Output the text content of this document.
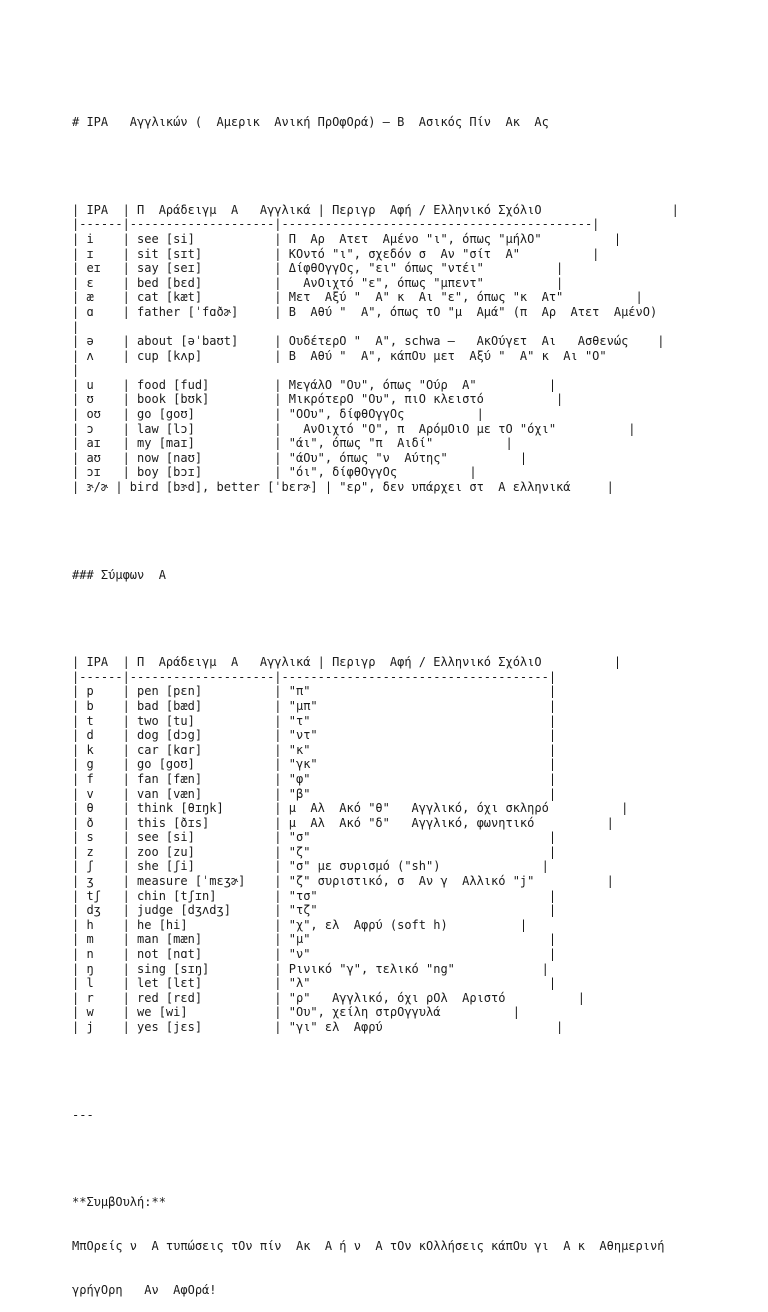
# IPA   Αγγλικών (  Αμερικ  Ανική ΠρΟφΟρά) – Β  Ασικός Πίν  Ακ  Ας

| IPA  | Π  Αράδειγμ  Α   Αγγλικά | Περιγρ  Αφή / Ελληνικό ΣχόλιΟ                  |
|------|--------------------|-------------------------------------------|
| i    | see [si]           | Π  Αρ  Ατετ  Αμένο "ι", όπως "μήλΟ"          |
| ɪ    | sit [sɪt]          | ΚΟντό "ι", σχεδόν σ  Αν "σίτ  Α"          |
| eɪ   | say [seɪ]          | ΔίφθΟγγΟς, "ει" όπως "ντέι"          |
| ɛ    | bed [bɛd]          |   ΑνΟιχτό "ε", όπως "μπεντ"          |
| æ    | cat [kæt]          | Μετ  Αξύ "  Α" κ  Αι "ε", όπως "κ  Ατ"          |
| ɑ    | father [ˈfɑðɚ]     | Β  Αθύ "  Α", όπως τΟ "μ  Αμά" (π  Αρ  Ατετ  ΑμένΟ)
|
| ə    | about [əˈbaʊt]     | ΟυδέτερΟ "  Α", schwa –   ΑκΟύγετ  Αι   Ασθενώς    |
| ʌ    | cup [kʌp]          | Β  Αθύ "  Α", κάπΟυ μετ  Αξύ "  Α" κ  Αι "Ο"
|
| u    | food [fud]         | ΜεγάλΟ "Ου", όπως "Ούρ  Α"          |
| ʊ    | book [bʊk]         | ΜικρότερΟ "Ου", πιΟ κλειστό          |
| oʊ   | go [goʊ]           | "ΟΟυ", δίφθΟγγΟς          |
| ɔ    | law [lɔ]           |   ΑνΟιχτό "Ο", π  ΑρόμΟιΟ με τΟ "όχι"          |
| aɪ   | my [maɪ]           | "άι", όπως "π  Αιδί"          |
| aʊ   | now [naʊ]          | "άΟυ", όπως "ν  Αύτης"          |
| ɔɪ   | boy [bɔɪ]          | "όι", δίφθΟγγΟς          |
| ɝ/ɚ | bird [bɝd], better [ˈbɛrɚ] | "ερ", δεν υπάρχει στ  Α ελληνικά     |

### Σύμφων  Α

| IPA  | Π  Αράδειγμ  Α   Αγγλικά | Περιγρ  Αφή / Ελληνικό ΣχόλιΟ          |
|------|--------------------|-------------------------------------|
| p    | pen [pɛn]          | "π"                                 |
| b    | bad [bæd]          | "μπ"                                |
| t    | two [tu]           | "τ"                                 |
| d    | dog [dɔg]          | "ντ"                                |
| k    | car [kɑr]          | "κ"                                 |
| g    | go [goʊ]           | "γκ"                                |
| f    | fan [fæn]          | "φ"                                 |
| v    | van [væn]          | "β"                                 |
| θ    | think [θɪŋk]       | μ  Αλ  Ακό "θ"   Αγγλικό, όχι σκληρό          |
| ð    | this [ðɪs]         | μ  Αλ  Ακό "δ"   Αγγλικό, φωνητικό          |
| s    | see [si]           | "σ"                                 |
| z    | zoo [zu]           | "ζ"                                 |
| ʃ    | she [ʃi]           | "σ" με συρισμό ("sh")              |
| ʒ    | measure [ˈmɛʒɚ]    | "ζ" συριστικό, σ  Αν γ  Αλλικό "j"          |
| tʃ   | chin [tʃɪn]        | "τσ"                                |
| dʒ   | judge [dʒʌdʒ]      | "τζ"                                |
| h    | he [hi]            | "χ", ελ  Αφρύ (soft h)          |
| m    | man [mæn]          | "μ"                                 |
| n    | not [nɑt]          | "ν"                                 |
| ŋ    | sing [sɪŋ]         | Ρινικό "γ", τελικό "ng"            |
| l    | let [lɛt]          | "λ"                                 |
| r    | red [rɛd]          | "ρ"   Αγγλικό, όχι ρΟλ  Αριστό          |
| w    | we [wi]            | "Ου", χείλη στρΟγγυλά          |
| j    | yes [jɛs]          | "γι" ελ  Αφρύ                        |

---

**ΣυμβΟυλή:**

ΜπΟρείς ν  Α τυπώσεις τΟν πίν  Ακ  Α ή ν  Α τΟν κΟλλήσεις κάπΟυ γι  Α κ  Αθημερινή

γρήγΟρη   Αν  ΑφΟρά!
